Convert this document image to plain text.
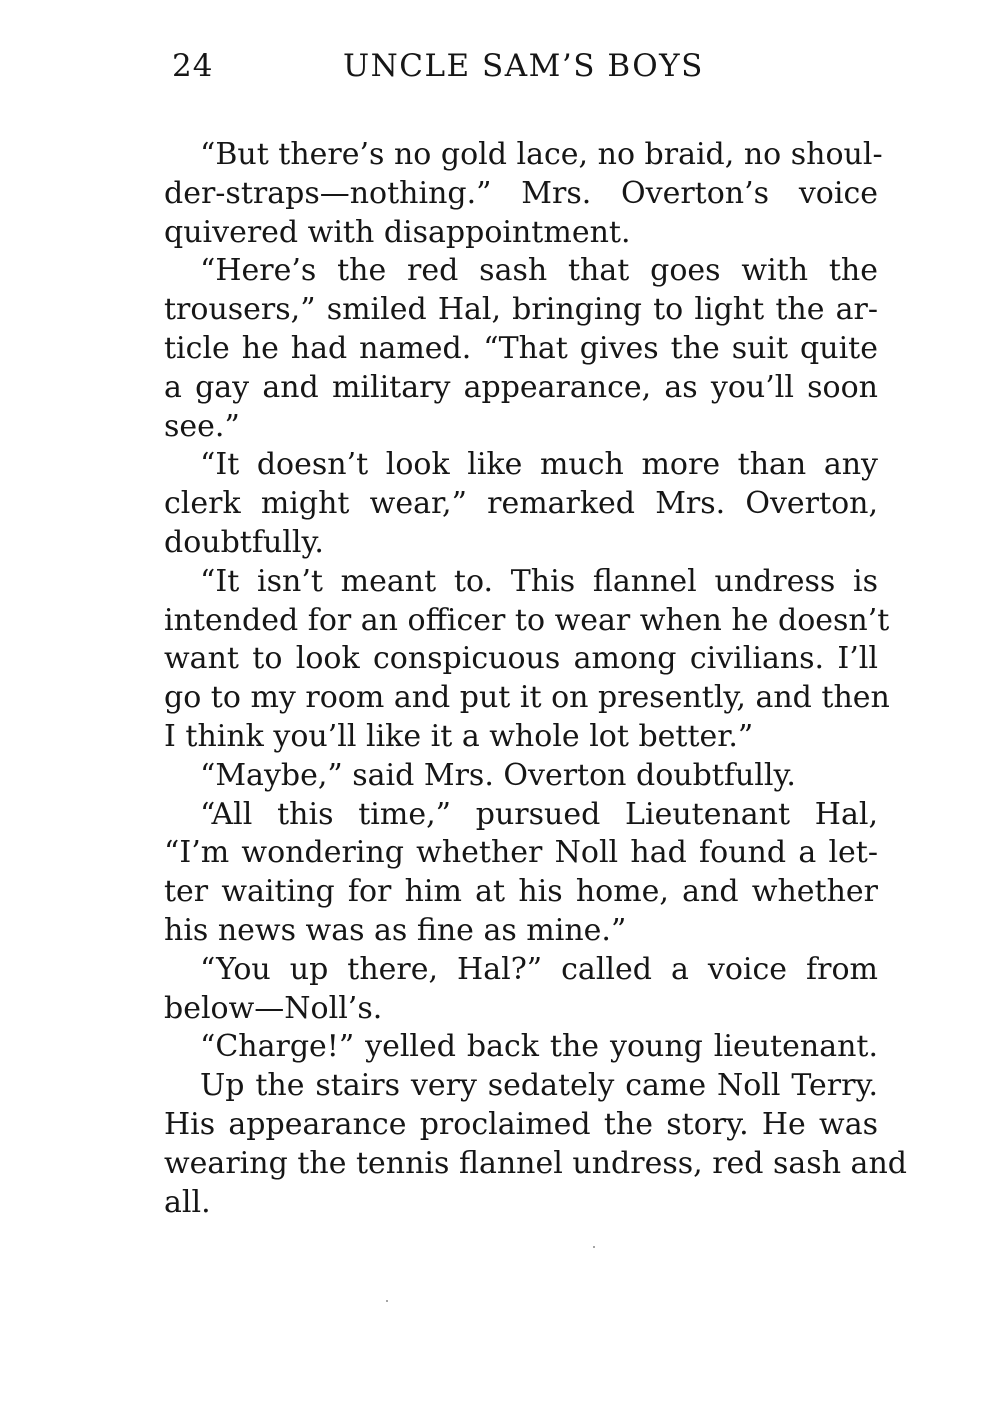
24	UNCLE SAM’S BOYS
“But there’s no gold lace, no braid, no shoul-
der-straps—nothing.” Mrs. Overton’s voice
quivered with disappointment.
“Here’s the red sash that goes with the
trousers,” smiled Hal, bringing to light the ar-
ticle he had named. “That gives the suit quite
a gay and military appearance, as you’ll soon
see.”
“It doesn’t look like much more than any
clerk might wear,” remarked Mrs. Overton,
doubtfully.
“It isn’t meant to. This flannel undress is
intended for an officer to wear when he doesn’t
want to look conspicuous among civilians. I’ll
go to my room and put it on presently, and then
I think you’ll like it a whole lot better.”
“Maybe,” said Mrs. Overton doubtfully.
“All this time,” pursued Lieutenant Hal,
“I’m wondering whether Noll had found a let-
ter waiting for him at his home, and whether
his news was as fine as mine.”
“You up there, Hal?” called a voice from
below—Noll’s.
“Charge!” yelled back the young lieutenant.
Up the stairs very sedately came Noll Terry.
His appearance proclaimed the story. He was
wearing the tennis flannel undress, red sash and
all.
